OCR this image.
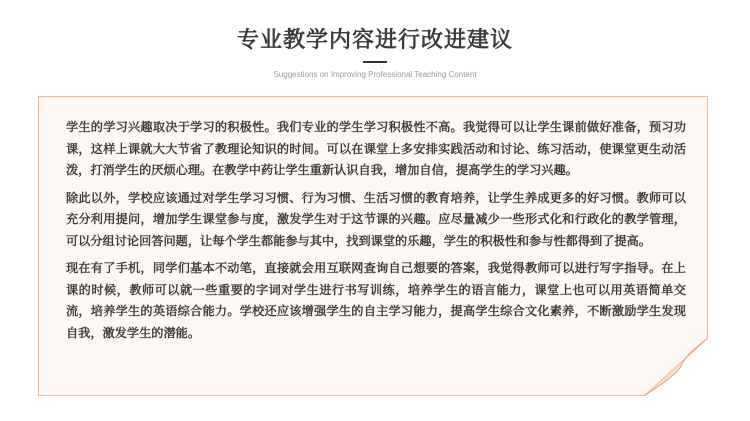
专业教学内容进行改进建议
Suggestions on Improving Professional Teaching Content

学生的学习兴趣取决于学习的积极性。我们专业的学生学习积极性不高。我觉得可以让学生课前做好准备，预习功课，这样上课就大大节省了教理论知识的时间。可以在课堂上多安排实践活动和讨论、练习活动，使课堂更生动活泼，打消学生的厌烦心理。在教学中药让学生重新认识自我，增加自信，提高学生的学习兴趣。

除此以外，学校应该通过对学生学习习惯、行为习惯、生活习惯的教育培养，让学生养成更多的好习惯。教师可以充分利用提问，增加学生课堂参与度，激发学生对于这节课的兴趣。应尽量减少一些形式化和行政化的教学管理，可以分组讨论回答问题，让每个学生都能参与其中，找到课堂的乐趣，学生的积极性和参与性都得到了提高。

现在有了手机，同学们基本不动笔，直接就会用互联网查询自己想要的答案，我觉得教师可以进行写字指导。在上课的时候，教师可以就一些重要的字词对学生进行书写训练，培养学生的语言能力，课堂上也可以用英语简单交流，培养学生的英语综合能力。学校还应该增强学生的自主学习能力，提高学生综合文化素养，不断激励学生发现自我，激发学生的潜能。
